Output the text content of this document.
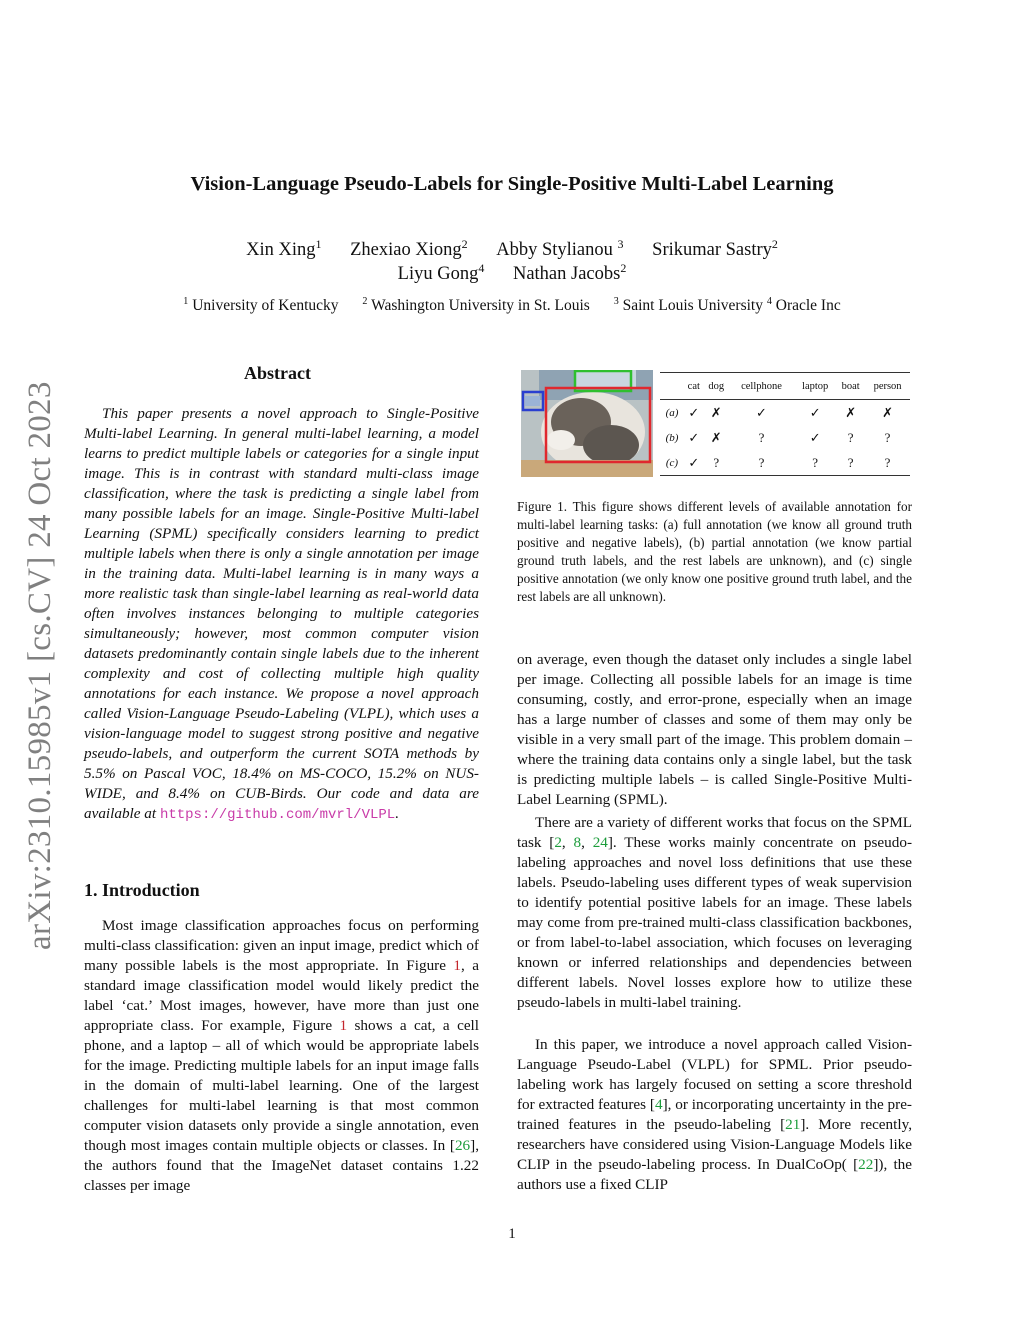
arXiv:2310.15985v1 [cs.CV] 24 Oct 2023
Vision-Language Pseudo-Labels for Single-Positive Multi-Label Learning
Xin Xing$^1$ Zhexiao Xiong$^2$ Abby Stylianou $^3$ Srikumar Sastry$^2$
Liyu Gong$^4$ Nathan Jacobs$^2$
$^1$ University of Kentucky $^2$ Washington University in St. Louis $^3$ Saint Louis University $^4$ Oracle Inc
Abstract

This paper presents a novel approach to Single-Positive Multi-label Learning. In general multi-label learning, a model learns to predict multiple labels or categories for a single input image. This is in contrast with standard multi-class image classification, where the task is predicting a single label from many possible labels for an image. Single-Positive Multi-label Learning (SPML) specifically considers learning to predict multiple labels when there is only a single annotation per image in the training data. Multi-label learning is in many ways a more realistic task than single-label learning as real-world data often involves instances belonging to multiple categories simultaneously; however, most common computer vision datasets predominantly contain single labels due to the inherent complexity and cost of collecting multiple high quality annotations for each instance. We propose a novel approach called Vision-Language Pseudo-Labeling (VLPL), which uses a vision-language model to suggest strong positive and negative pseudo-labels, and outperform the current SOTA methods by 5.5% on Pascal VOC, 18.4% on MS-COCO, 15.2% on NUS-WIDE, and 8.4% on CUB-Birds. Our code and data are available at https://github.com/mvrl/VLPL.

1. Introduction

Most image classification approaches focus on performing multi-class classification: given an input image, predict which of many possible labels is the most appropriate. In Figure 1, a standard image classification model would likely predict the label ‘cat.’ Most images, however, have more than just one appropriate class. For example, Figure 1 shows a cat, a cell phone, and a laptop – all of which would be appropriate labels for the image. Predicting multiple labels for an input image falls in the domain of multi-label learning. One of the largest challenges for multi-label learning is that most common computer vision datasets only provide a single annotation, even though most images contain multiple objects or classes. In [26], the authors found that the ImageNet dataset contains 1.22 classes per image

	cat	dog	cellphone	laptop	boat	person
(a)	✓	✗	✓	✓	✗	✗
(b)	✓	✗	?	✓	?	?
(c)	✓	?	?	?	?	?
Figure 1. This figure shows different levels of available annotation for multi-label learning tasks: (a) full annotation (we know all ground truth positive and negative labels), (b) partial annotation (we know partial ground truth labels, and the rest labels are unknown), and (c) single positive annotation (we only know one positive ground truth label, and the rest labels are all unknown).

on average, even though the dataset only includes a single label per image. Collecting all possible labels for an image is time consuming, costly, and error-prone, especially when an image has a large number of classes and some of them may only be visible in a very small part of the image. This problem domain – where the training data contains only a single label, but the task is predicting multiple labels – is called Single-Positive Multi-Label Learning (SPML).

There are a variety of different works that focus on the SPML task [2, 8, 24]. These works mainly concentrate on pseudo-labeling approaches and novel loss definitions that use these labels. Pseudo-labeling uses different types of weak supervision to identify potential positive labels for an image. These labels may come from pre-trained multi-class classification backbones, or from label-to-label association, which focuses on leveraging known or inferred relationships and dependencies between different labels. Novel losses explore how to utilize these pseudo-labels in multi-label training.

In this paper, we introduce a novel approach called Vision-Language Pseudo-Label (VLPL) for SPML. Prior pseudo-labeling work has largely focused on setting a score threshold for extracted features [4], or incorporating uncertainty in the pre-trained features in the pseudo-labeling [21]. More recently, researchers have considered using Vision-Language Models like CLIP in the pseudo-labeling process. In DualCoOp( [22]), the authors use a fixed CLIP

1
